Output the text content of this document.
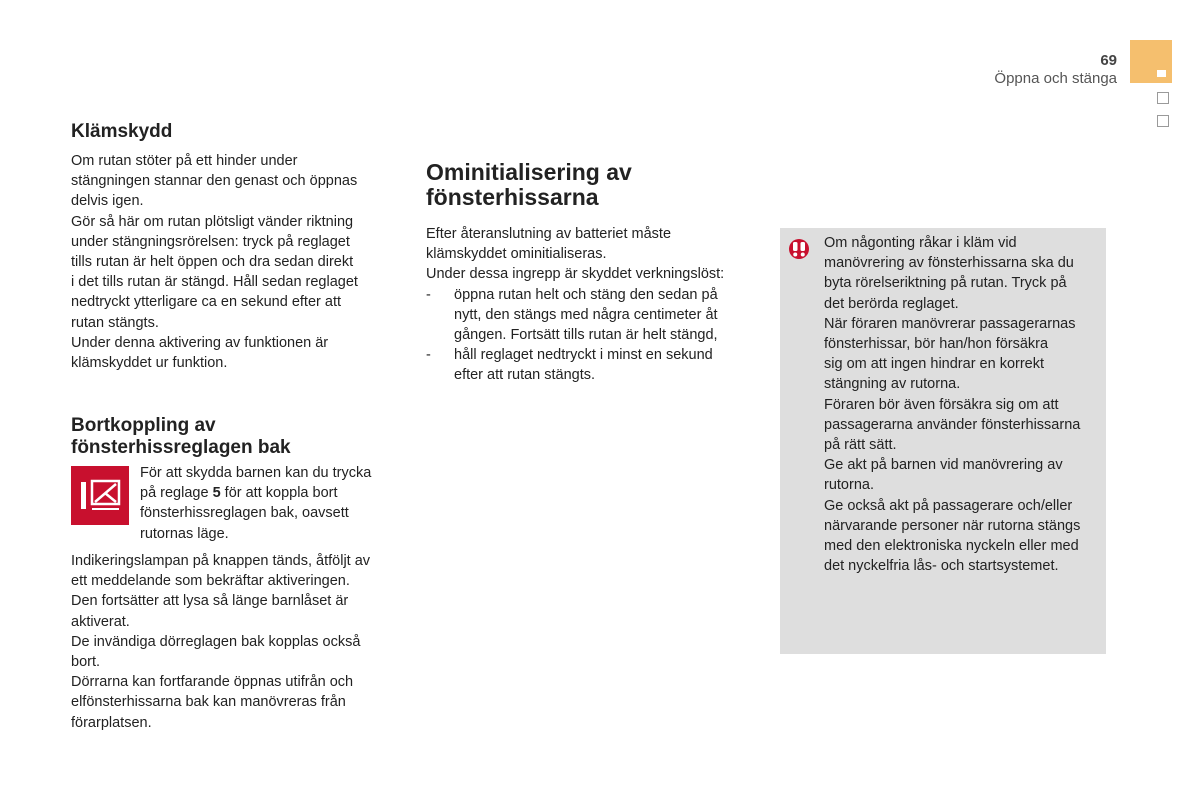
69
Öppna och stänga
Klämskydd

Om rutan stöter på ett hinder under

stängningen stannar den genast och öppnas

delvis igen.

Gör så här om rutan plötsligt vänder riktning

under stängningsrörelsen: tryck på reglaget

tills rutan är helt öppen och dra sedan direkt

i det tills rutan är stängd. Håll sedan reglaget

nedtryckt ytterligare ca en sekund efter att

rutan stängts.

Under denna aktivering av funktionen är

klämskyddet ur funktion.

Bortkoppling av
fönsterhissreglagen bak

För att skydda barnen kan du trycka

på reglage 5 för att koppla bort

fönsterhissreglagen bak, oavsett

rutornas läge.

Indikeringslampan på knappen tänds, åtföljt av

ett meddelande som bekräftar aktiveringen.

Den fortsätter att lysa så länge barnlåset är

aktiverat.

De invändiga dörreglagen bak kopplas också

bort.

Dörrarna kan fortfarande öppnas utifrån och

elfönsterhissarna bak kan manövreras från

förarplatsen.

Ominitialisering av
fönsterhissarna

Efter återanslutning av batteriet måste

klämskyddet ominitialiseras.

Under dessa ingrepp är skyddet verkningslöst:

-	öppna rutan helt och stäng den sedan på
nytt, den stängs med några centimeter åt
gången. Fortsätt tills rutan är helt stängd,
-	håll reglaget nedtryckt i minst en sekund
efter att rutan stängts.

Om någonting råkar i kläm vid

manövrering av fönsterhissarna ska du

byta rörelseriktning på rutan. Tryck på

det berörda reglaget.

När föraren manövrerar passagerarnas

fönsterhissar, bör han/hon försäkra

sig om att ingen hindrar en korrekt

stängning av rutorna.

Föraren bör även försäkra sig om att

passagerarna använder fönsterhissarna

på rätt sätt.

Ge akt på barnen vid manövrering av

rutorna.

Ge också akt på passagerare och/eller

närvarande personer när rutorna stängs

med den elektroniska nyckeln eller med

det nyckelfria lås- och startsystemet.
